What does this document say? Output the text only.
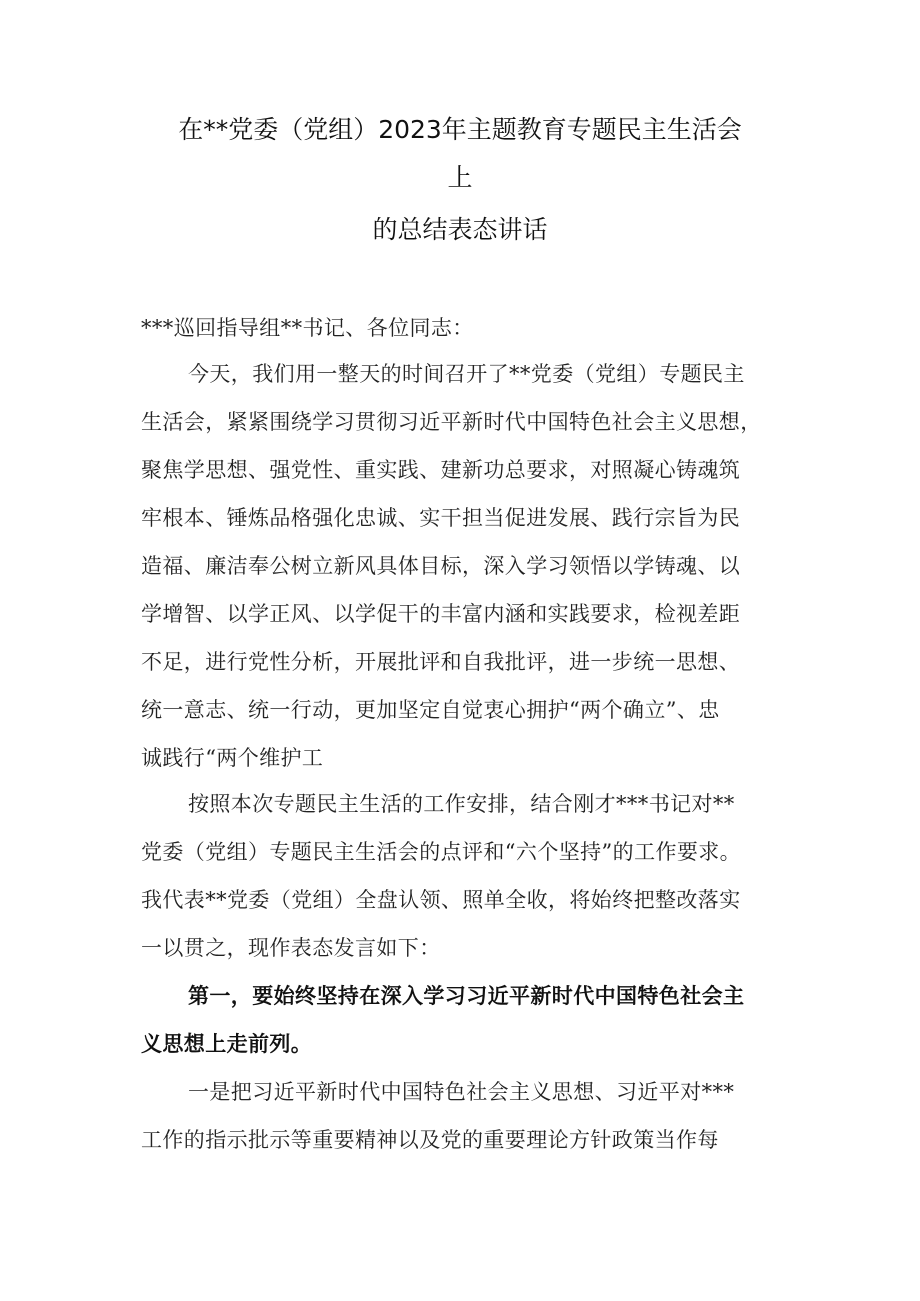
在**党委（党组）2023年主题教育专题民主生活会

上

的总结表态讲话

***巡回指导组**书记、各位同志：

今天，我们用一整天的时间召开了**党委（党组）专题民主

生活会，紧紧围绕学习贯彻习近平新时代中国特色社会主义思想，

聚焦学思想、强党性、重实践、建新功总要求，对照凝心铸魂筑

牢根本、锤炼品格强化忠诚、实干担当促进发展、践行宗旨为民

造福、廉洁奉公树立新风具体目标，深入学习领悟以学铸魂、以

学增智、以学正风、以学促干的丰富内涵和实践要求，检视差距

不足，进行党性分析，开展批评和自我批评，进一步统一思想、

统一意志、统一行动，更加坚定自觉衷心拥护“两个确立”、忠

诚践行“两个维护工

按照本次专题民主生活的工作安排，结合刚才***书记对**

党委（党组）专题民主生活会的点评和“六个坚持”的工作要求。

我代表**党委（党组）全盘认领、照单全收，将始终把整改落实

一以贯之，现作表态发言如下：

第一，要始终坚持在深入学习习近平新时代中国特色社会主

义思想上走前列。

一是把习近平新时代中国特色社会主义思想、习近平对***

工作的指示批示等重要精神以及党的重要理论方针政策当作每
